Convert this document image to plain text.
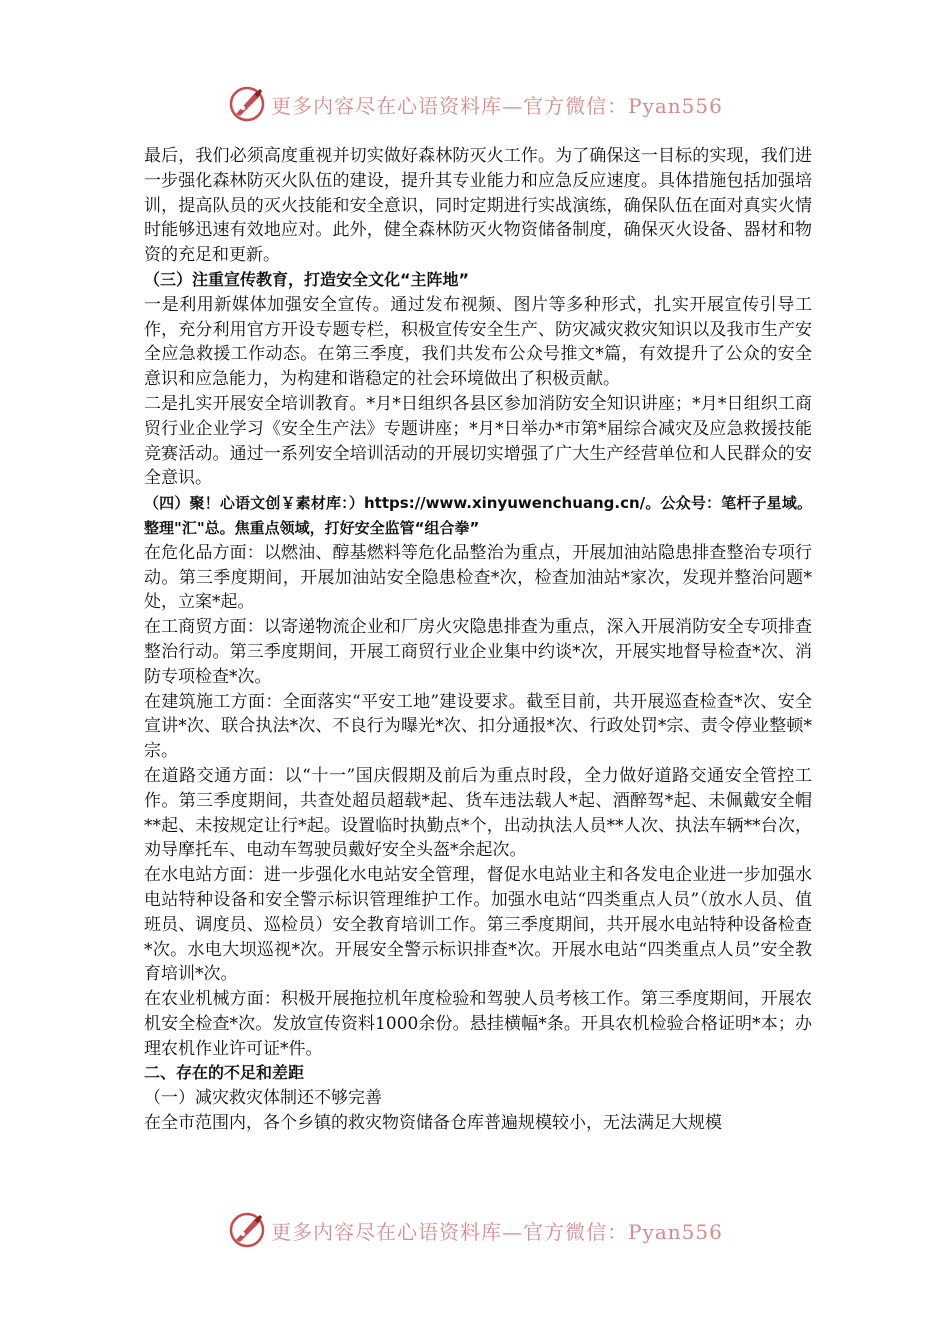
更多内容尽在心语资料库—官方微信：Pyan556

最后，我们必须高度重视并切实做好森林防灭火工作。为了确保这一目标的实现，我们进一步强化森林防灭火队伍的建设，提升其专业能力和应急反应速度。具体措施包括加强培训，提高队员的灭火技能和安全意识，同时定期进行实战演练，确保队伍在面对真实火情时能够迅速有效地应对。此外，健全森林防灭火物资储备制度，确保灭火设备、器材和物资的充足和更新。

（三）注重宣传教育，打造安全文化“主阵地”

一是利用新媒体加强安全宣传。通过发布视频、图片等多种形式，扎实开展宣传引导工作，充分利用官方开设专题专栏，积极宣传安全生产、防灾减灾救灾知识以及我市生产安全应急救援工作动态。在第三季度，我们共发布公众号推文*篇，有效提升了公众的安全意识和应急能力，为构建和谐稳定的社会环境做出了积极贡献。

二是扎实开展安全培训教育。*月*日组织各县区参加消防安全知识讲座；*月*日组织工商贸行业企业学习《安全生产法》专题讲座；*月*日举办*市第*届综合减灾及应急救援技能竞赛活动。通过一系列安全培训活动的开展切实增强了广大生产经营单位和人民群众的安全意识。

（四）聚！心语文创￥素材库：）https://www.xinyuwenchuang.cn/。公众号：笔杆子星域。整理"汇"总。焦重点领域，打好安全监管“组合拳”

在危化品方面：以燃油、醇基燃料等危化品整治为重点，开展加油站隐患排查整治专项行动。第三季度期间，开展加油站安全隐患检查*次，检查加油站*家次，发现并整治问题*处，立案*起。

在工商贸方面：以寄递物流企业和厂房火灾隐患排查为重点，深入开展消防安全专项排查整治行动。第三季度期间，开展工商贸行业企业集中约谈*次，开展实地督导检查*次、消防专项检查*次。

在建筑施工方面：全面落实“平安工地”建设要求。截至目前，共开展巡查检查*次、安全宣讲*次、联合执法*次、不良行为曝光*次、扣分通报*次、行政处罚*宗、责令停业整顿*宗。

在道路交通方面：以“十一”国庆假期及前后为重点时段，全力做好道路交通安全管控工作。第三季度期间，共查处超员超载*起、货车违法载人*起、酒醉驾*起、未佩戴安全帽**起、未按规定让行*起。设置临时执勤点*个，出动执法人员**人次、执法车辆**台次，劝导摩托车、电动车驾驶员戴好安全头盔*余起次。

在水电站方面：进一步强化水电站安全管理，督促水电站业主和各发电企业进一步加强水电站特种设备和安全警示标识管理维护工作。加强水电站“四类重点人员”（放水人员、值班员、调度员、巡检员）安全教育培训工作。第三季度期间，共开展水电站特种设备检查*次。水电大坝巡视*次。开展安全警示标识排查*次。开展水电站“四类重点人员”安全教育培训*次。

在农业机械方面：积极开展拖拉机年度检验和驾驶人员考核工作。第三季度期间，开展农机安全检查*次。发放宣传资料1000余份。悬挂横幅*条。开具农机检验合格证明*本；办理农机作业许可证*件。

二、存在的不足和差距

（一）减灾救灾体制还不够完善

在全市范围内，各个乡镇的救灾物资储备仓库普遍规模较小，无法满足大规模

更多内容尽在心语资料库—官方微信：Pyan556
